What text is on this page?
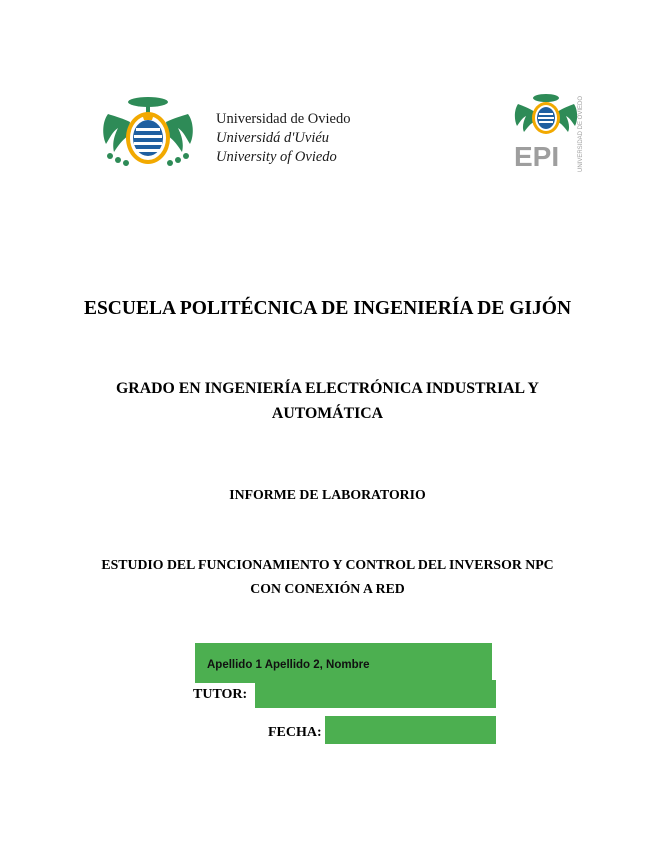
Universidad de Oviedo
Universidá d'Uviéu
University of Oviedo	EPI	UNIVERSIDAD DE OVIEDO
ESCUELA POLITÉCNICA DE INGENIERÍA DE GIJÓN
GRADO EN INGENIERÍA ELECTRÓNICA INDUSTRIAL Y
AUTOMÁTICA
INFORME DE LABORATORIO
ESTUDIO DEL FUNCIONAMIENTO Y CONTROL DEL INVERSOR NPC
CON CONEXIÓN A RED
Apellido 1 Apellido 2, Nombre
TUTOR:
FECHA:
